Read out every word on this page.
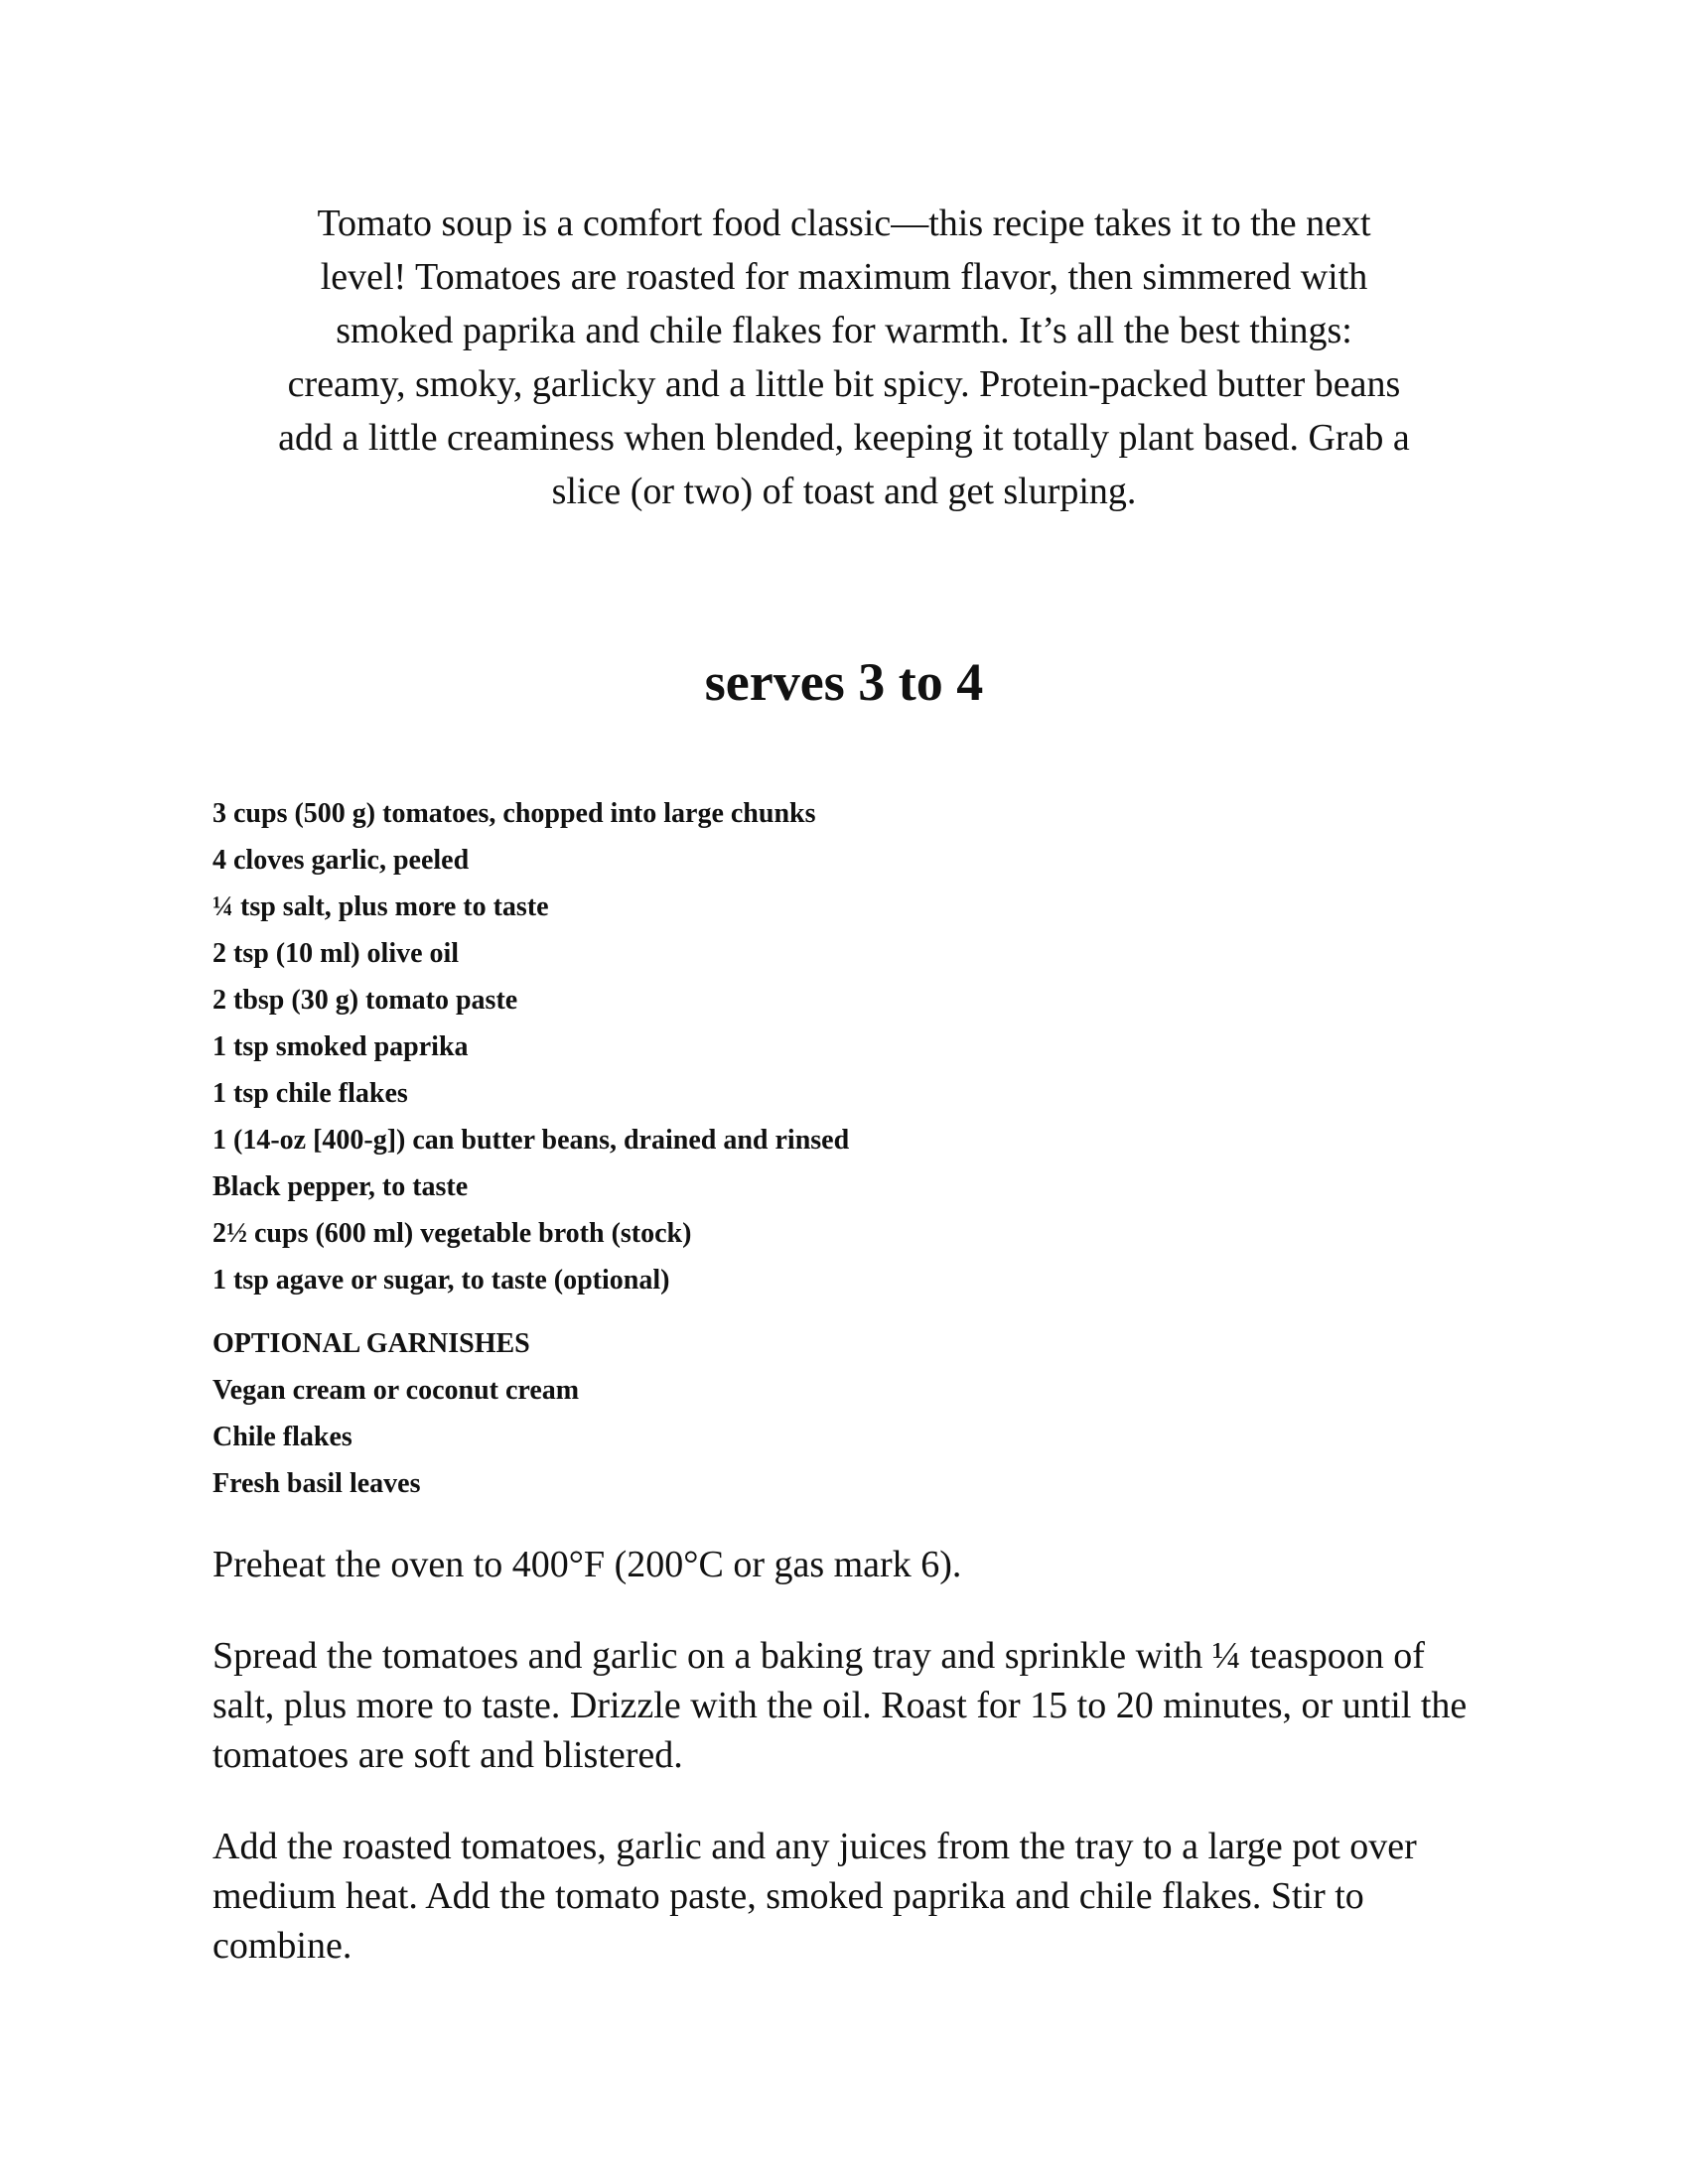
Tomato soup is a comfort food classic—this recipe takes it to the next level! Tomatoes are roasted for maximum flavor, then simmered with smoked paprika and chile flakes for warmth. It’s all the best things: creamy, smoky, garlicky and a little bit spicy. Protein-packed butter beans add a little creaminess when blended, keeping it totally plant based. Grab a slice (or two) of toast and get slurping.

serves 3 to 4
3 cups (500 g) tomatoes, chopped into large chunks
4 cloves garlic, peeled
¼ tsp salt, plus more to taste
2 tsp (10 ml) olive oil
2 tbsp (30 g) tomato paste
1 tsp smoked paprika
1 tsp chile flakes
1 (14-oz [400-g]) can butter beans, drained and rinsed
Black pepper, to taste
2½ cups (600 ml) vegetable broth (stock)
1 tsp agave or sugar, to taste (optional)

OPTIONAL GARNISHES

Vegan cream or coconut cream
Chile flakes
Fresh basil leaves

Preheat the oven to 400°F (200°C or gas mark 6).

Spread the tomatoes and garlic on a baking tray and sprinkle with ¼ teaspoon of salt, plus more to taste. Drizzle with the oil. Roast for 15 to 20 minutes, or until the tomatoes are soft and blistered.

Add the roasted tomatoes, garlic and any juices from the tray to a large pot over medium heat. Add the tomato paste, smoked paprika and chile flakes. Stir to combine.
